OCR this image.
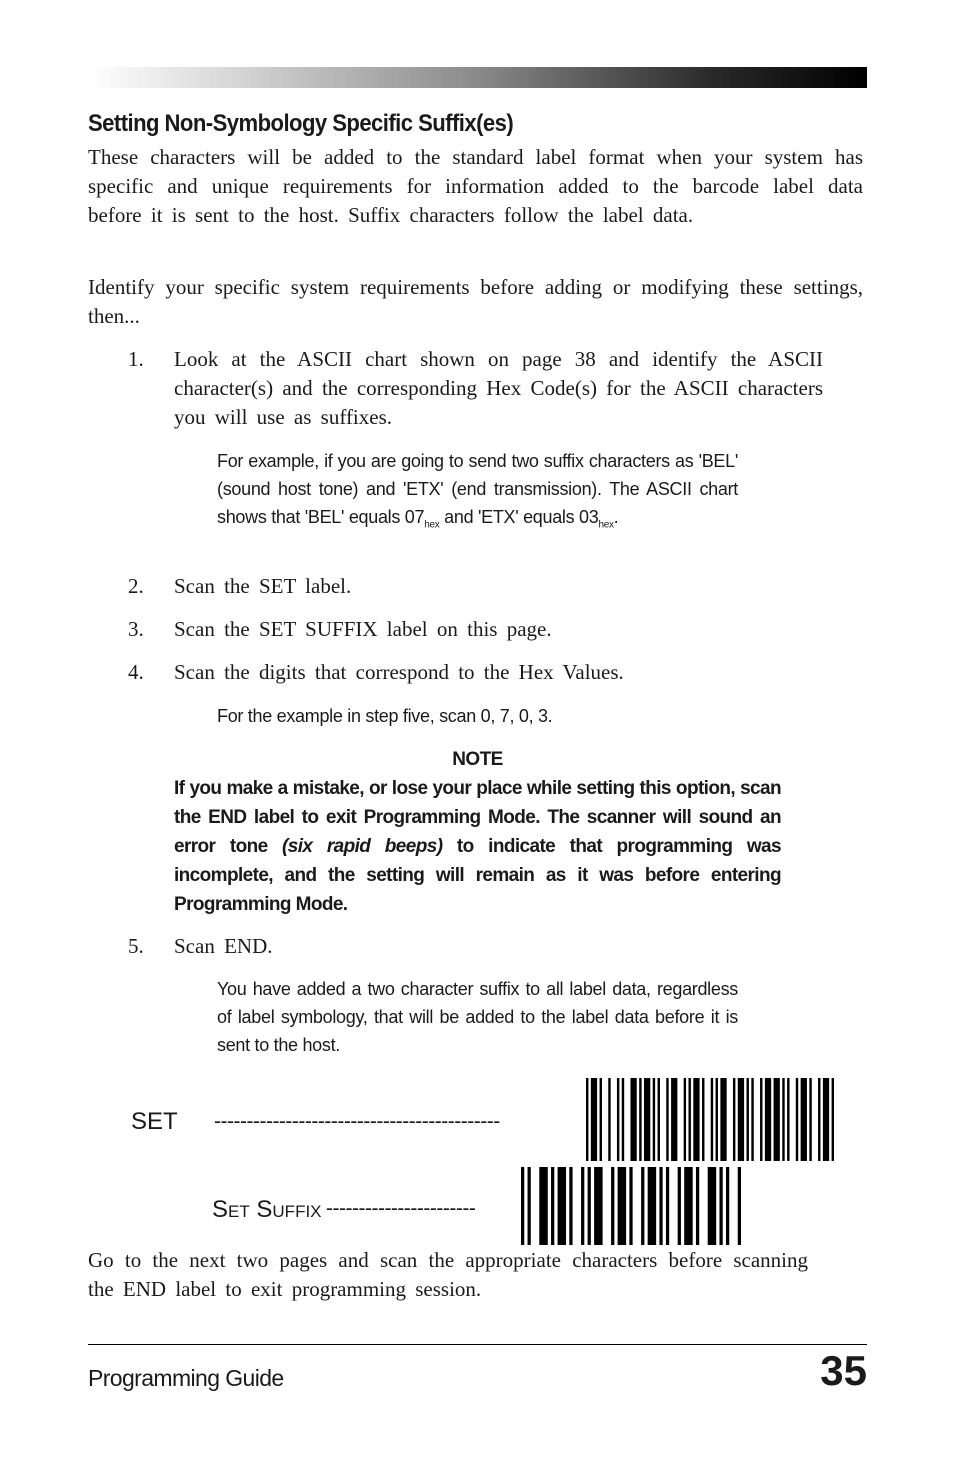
Setting Non-Symbology Specific Suffix(es)

These characters will be added to the standard label format when your system has specific and unique requirements for information added to the barcode label data before it is sent to the host. Suffix characters follow the label data.

Identify your specific system requirements before adding or modifying these settings, then...

1. Look at the ASCII chart shown on page 38 and identify the ASCII character(s) and the corresponding Hex Code(s) for the ASCII characters you will use as suffixes.

For example, if you are going to send two suffix characters as 'BEL' (sound host tone) and 'ETX' (end transmission). The ASCII chart shows that 'BEL' equals $07_{hex}$ and 'ETX' equals $03_{hex}$.

2. Scan the SET label.
3. Scan the SET SUFFIX label on this page.
4. Scan the digits that correspond to the Hex Values.

For the example in step five, scan 0, 7, 0, 3.

NOTE
If you make a mistake, or lose your place while setting this option, scan the END label to exit Programming Mode. The scanner will sound an error tone (six rapid beeps) to indicate that programming was incomplete, and the setting will remain as it was before entering Programming Mode.
5. Scan END.

You have added a two character suffix to all label data, regardless of label symbology, that will be added to the label data before it is sent to the host.

SET --------------------------------------------
Set Suffix -----------------------

Go to the next two pages and scan the appropriate characters before scanning the END label to exit programming session.

Programming Guide	35
